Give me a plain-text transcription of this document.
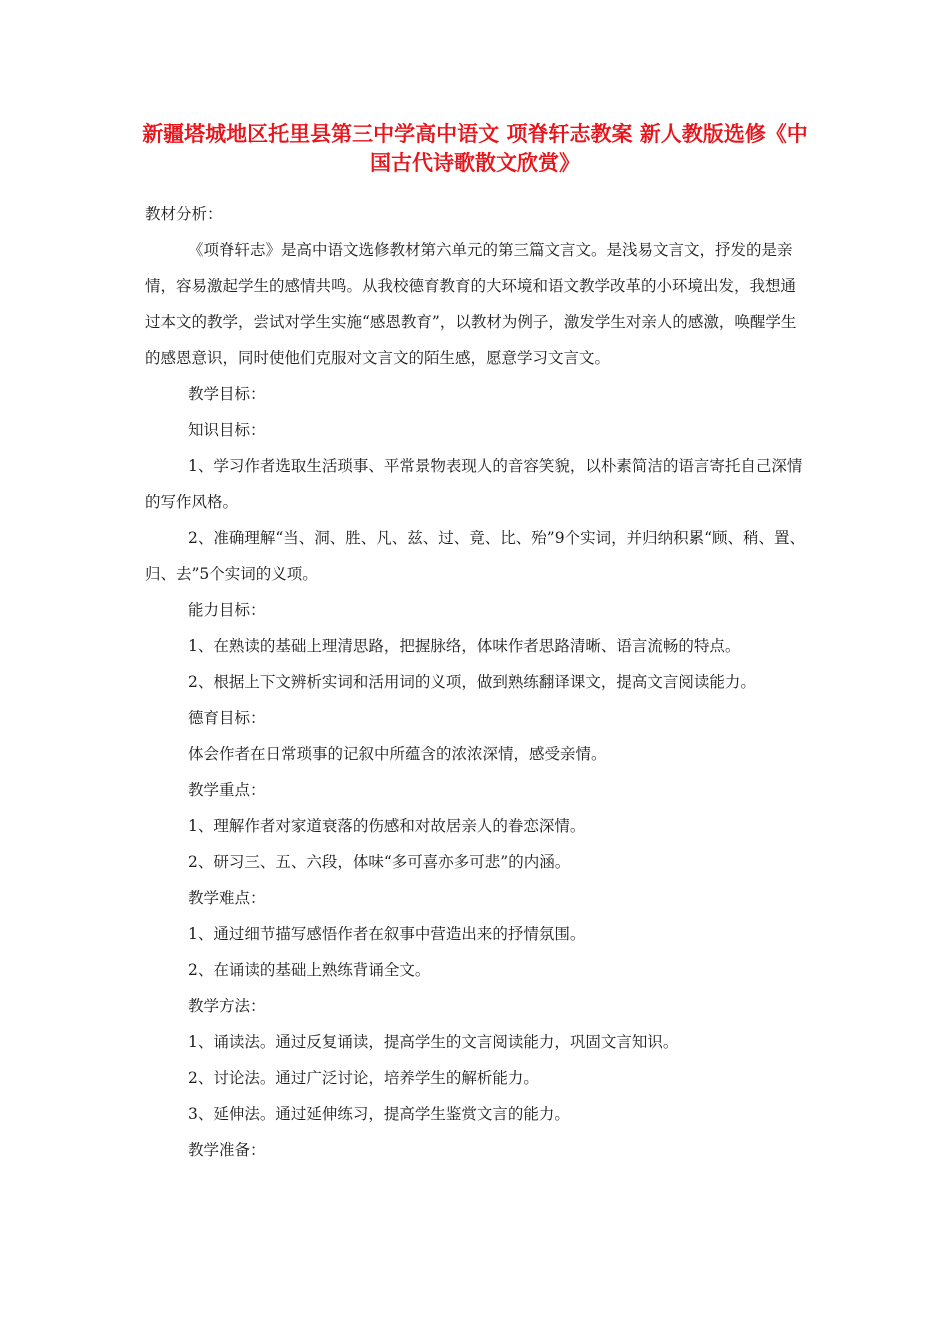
新疆塔城地区托里县第三中学高中语文 项脊轩志教案 新人教版选修《中国古代诗歌散文欣赏》

教材分析：

《项脊轩志》是高中语文选修教材第六单元的第三篇文言文。是浅易文言文，抒发的是亲情，容易激起学生的感情共鸣。从我校德育教育的大环境和语文教学改革的小环境出发，我想通过本文的教学，尝试对学生实施“感恩教育”，以教材为例子，激发学生对亲人的感激，唤醒学生的感恩意识，同时使他们克服对文言文的陌生感，愿意学习文言文。

教学目标：

知识目标：

1、学习作者选取生活琐事、平常景物表现人的音容笑貌，以朴素简洁的语言寄托自己深情的写作风格。

2、准确理解“当、洞、胜、凡、兹、过、竟、比、殆”9个实词，并归纳积累“顾、稍、置、归、去”5个实词的义项。

能力目标：

1、在熟读的基础上理清思路，把握脉络，体味作者思路清晰、语言流畅的特点。

2、根据上下文辨析实词和活用词的义项，做到熟练翻译课文，提高文言阅读能力。

德育目标：

体会作者在日常琐事的记叙中所蕴含的浓浓深情，感受亲情。

教学重点：

1、理解作者对家道衰落的伤感和对故居亲人的眷恋深情。

2、研习三、五、六段，体味“多可喜亦多可悲”的内涵。

教学难点：

1、通过细节描写感悟作者在叙事中营造出来的抒情氛围。

2、在诵读的基础上熟练背诵全文。

教学方法：

1、诵读法。通过反复诵读，提高学生的文言阅读能力，巩固文言知识。

2、讨论法。通过广泛讨论，培养学生的解析能力。

3、延伸法。通过延伸练习，提高学生鉴赏文言的能力。

教学准备：
